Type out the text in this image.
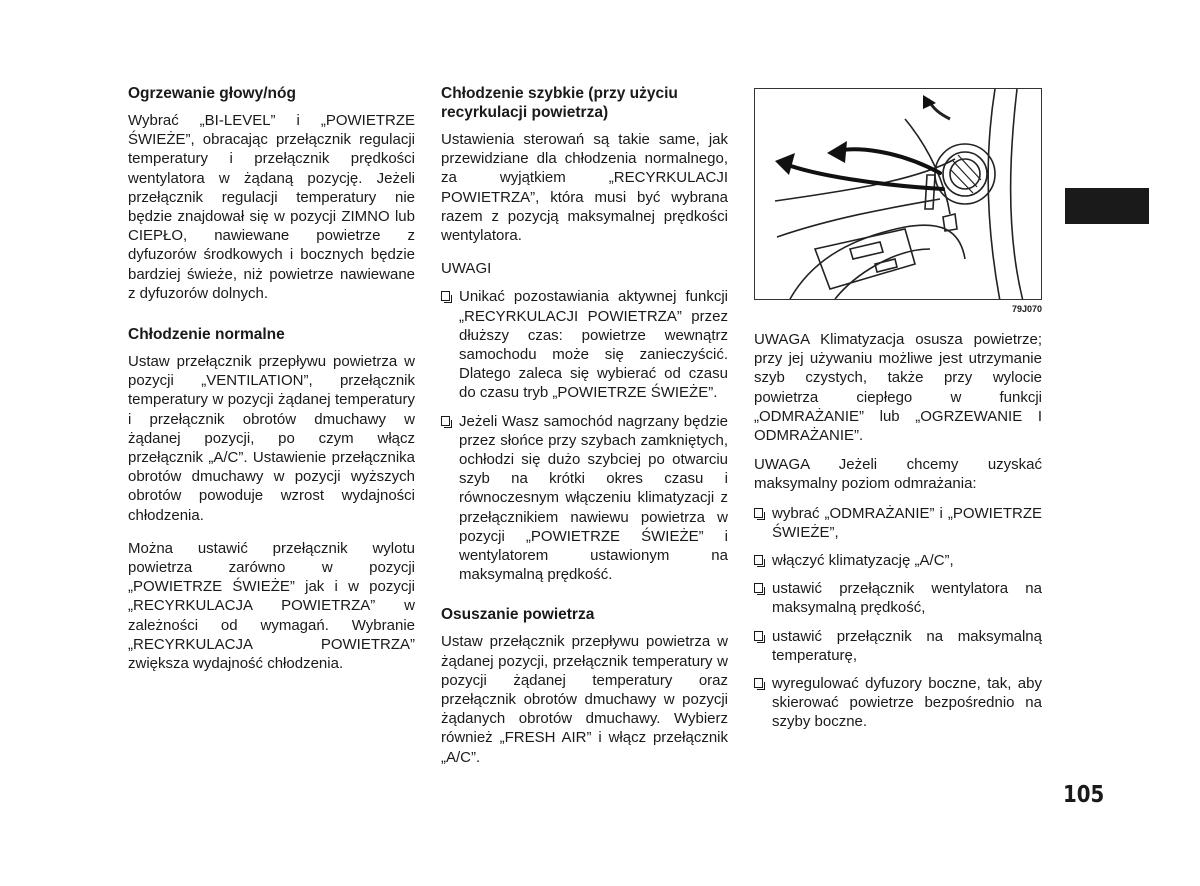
Ogrzewanie głowy/nóg

Wybrać „BI-LEVEL” i „POWIETRZE ŚWIEŻE”, obracając przełącznik regulacji temperatury i przełącznik prędkości wentylatora w żądaną pozycję. Jeżeli przełącznik regulacji temperatury nie będzie znajdował się w pozycji ZIMNO lub CIEPŁO, nawiewane powietrze z dyfuzorów środkowych i bocznych będzie bardziej świeże, niż powietrze nawiewane z dyfuzorów dolnych.

Chłodzenie normalne

Ustaw przełącznik przepływu powietrza w pozycji „VENTILATION”, przełącznik temperatury w pozycji żądanej temperatury i przełącznik obrotów dmuchawy w żądanej pozycji, po czym włącz przełącznik „A/C”. Ustawienie przełącznika obrotów dmuchawy w pozycji wyższych obrotów powoduje wzrost wydajności chłodzenia.

Można ustawić przełącznik wylotu powietrza zarówno w pozycji „POWIETRZE ŚWIEŻE” jak i w pozycji „RECYRKULACJA POWIETRZA” w zależności od wymagań. Wybranie „RECYRKULACJA POWIETRZA” zwiększa wydajność chłodzenia.

Chłodzenie szybkie (przy użyciu recyrkulacji powietrza)

Ustawienia sterowań są takie same, jak przewidziane dla chłodzenia normalnego, za wyjątkiem „RECYRKULACJI POWIETRZA”, która musi być wybrana razem z pozycją maksymalnej prędkości wentylatora.

UWAGI

Unikać pozostawiania aktywnej funkcji „RECYRKULACJI POWIETRZA” przez dłuższy czas: powietrze wewnątrz samochodu może się zanieczyścić. Dlatego zaleca się wybierać od czasu do czasu tryb „POWIETRZE ŚWIEŻE”.
Jeżeli Wasz samochód nagrzany będzie przez słońce przy szybach zamkniętych, ochłodzi się dużo szybciej po otwarciu szyb na krótki okres czasu i równoczesnym włączeniu klimatyzacji z przełącznikiem nawiewu powietrza w pozycji „POWIETRZE ŚWIEŻE” i wentylatorem ustawionym na maksymalną prędkość.
Osuszanie powietrza

Ustaw przełącznik przepływu powietrza w żądanej pozycji, przełącznik temperatury w pozycji żądanej temperatury oraz przełącznik obrotów dmuchawy w pozycji żądanych obrotów dmuchawy. Wybierz również „FRESH AIR” i włącz przełącznik „A/C”.

79J070

UWAGA Klimatyzacja osusza powietrze; przy jej używaniu możliwe jest utrzymanie szyb czystych, także przy wylocie powietrza ciepłego w funkcji „ODMRAŻANIE” lub „OGRZEWANIE I ODMRAŻANIE”.

UWAGA Jeżeli chcemy uzyskać maksymalny poziom odmrażania:

wybrać „ODMRAŻANIE” i „POWIETRZE ŚWIEŻE”,
włączyć klimatyzację „A/C”,
ustawić przełącznik wentylatora na maksymalną prędkość,
ustawić przełącznik na maksymalną temperaturę,
wyregulować dyfuzory boczne, tak, aby skierować powietrze bezpośrednio na szyby boczne.
105
